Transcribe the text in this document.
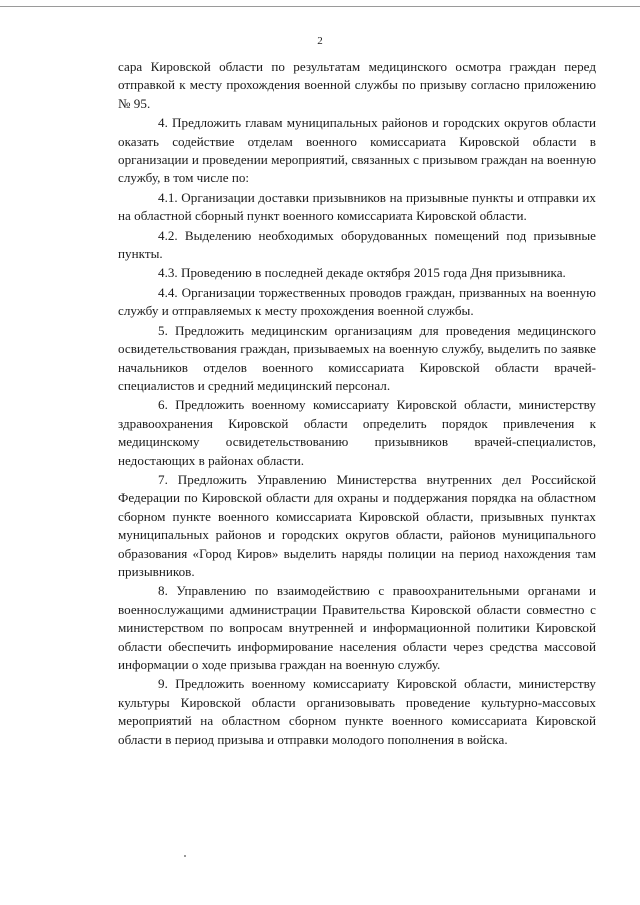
2

сара Кировской области по результатам медицинского осмотра граждан перед отправкой к месту прохождения военной службы по призыву согласно приложению № 95.

4. Предложить главам муниципальных районов и городских округов области оказать содействие отделам военного комиссариата Кировской области в организации и проведении мероприятий, связанных с призывом граждан на военную службу, в том числе по:

4.1. Организации доставки призывников на призывные пункты и отправки их на областной сборный пункт военного комиссариата Кировской области.

4.2. Выделению необходимых оборудованных помещений под призывные пункты.

4.3. Проведению в последней декаде октября 2015 года Дня призывника.

4.4. Организации торжественных проводов граждан, призванных на военную службу и отправляемых к месту прохождения военной службы.

5. Предложить медицинским организациям для проведения медицинского освидетельствования граждан, призываемых на военную службу, выделить по заявке начальников отделов военного комиссариата Кировской области врачей-специалистов и средний медицинский персонал.

6. Предложить военному комиссариату Кировской области, министерству здравоохранения Кировской области определить порядок привлечения к медицинскому освидетельствованию призывников врачей-специалистов, недостающих в районах области.

7. Предложить Управлению Министерства внутренних дел Российской Федерации по Кировской области для охраны и поддержания порядка на областном сборном пункте военного комиссариата Кировской области, призывных пунктах муниципальных районов и городских округов области, районов муниципального образования «Город Киров» выделить наряды полиции на период нахождения там призывников.

8. Управлению по взаимодействию с правоохранительными органами и военнослужащими администрации Правительства Кировской области совместно с министерством по вопросам внутренней и информационной политики Кировской области обеспечить информирование населения области через средства массовой информации о ходе призыва граждан на военную службу.

9. Предложить военному комиссариату Кировской области, министерству культуры Кировской области организовывать проведение культурно-массовых мероприятий на областном сборном пункте военного комиссариата Кировской области в период призыва и отправки молодого пополнения в войска.
